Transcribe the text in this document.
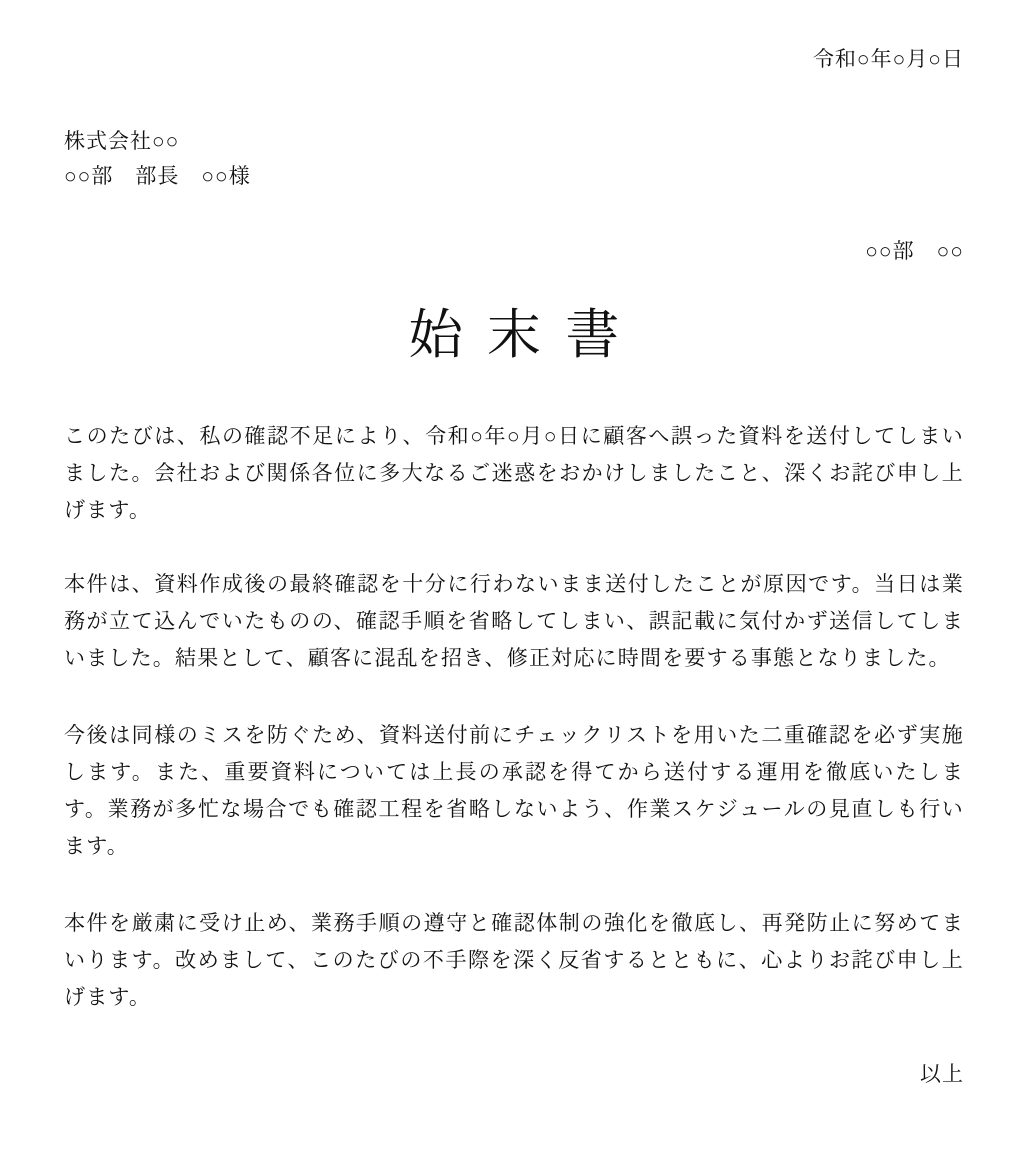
令和○年○月○日
株式会社○○
○○部　部長　○○様
○○部　○○
始末書

このたびは、私の確認不足により、令和○年○月○日に顧客へ誤った資料を送付してしまいました。会社および関係各位に多大なるご迷惑をおかけしましたこと、深くお詫び申し上げます。

本件は、資料作成後の最終確認を十分に行わないまま送付したことが原因です。当日は業務が立て込んでいたものの、確認手順を省略してしまい、誤記載に気付かず送信してしまいました。結果として、顧客に混乱を招き、修正対応に時間を要する事態となりました。

今後は同様のミスを防ぐため、資料送付前にチェックリストを用いた二重確認を必ず実施します。また、重要資料については上長の承認を得てから送付する運用を徹底いたします。業務が多忙な場合でも確認工程を省略しないよう、作業スケジュールの見直しも行います。

本件を厳粛に受け止め、業務手順の遵守と確認体制の強化を徹底し、再発防止に努めてまいります。改めまして、このたびの不手際を深く反省するとともに、心よりお詫び申し上げます。

以上
